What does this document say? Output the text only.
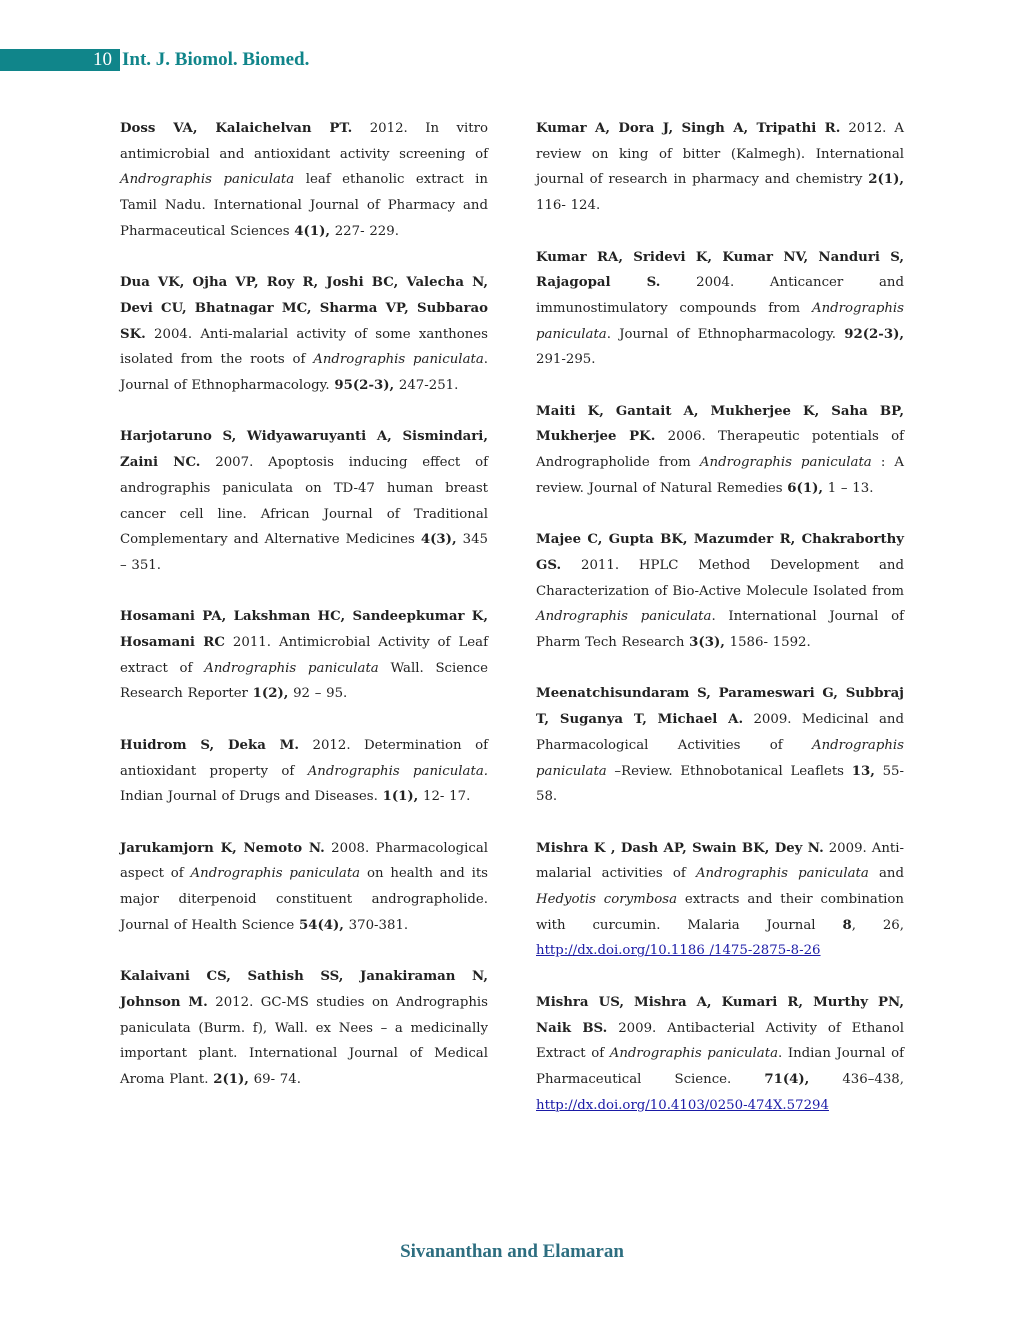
10 Int. J. Biomol. Biomed.

Doss VA, Kalaichelvan PT. 2012. In vitro antimicrobial and antioxidant activity screening of Andrographis paniculata leaf ethanolic extract in Tamil Nadu. International Journal of Pharmacy and Pharmaceutical Sciences 4(1), 227- 229.

Dua VK, Ojha VP, Roy R, Joshi BC, Valecha N, Devi CU, Bhatnagar MC, Sharma VP, Subbarao SK. 2004. Anti-malarial activity of some xanthones isolated from the roots of Andrographis paniculata. Journal of Ethnopharmacology. 95(2-3), 247-251.

Harjotaruno S, Widyawaruyanti A, Sismindari, Zaini NC. 2007. Apoptosis inducing effect of andrographis paniculata on TD-47 human breast cancer cell line. African Journal of Traditional Complementary and Alternative Medicines 4(3), 345 – 351.

Hosamani PA, Lakshman HC, Sandeepkumar K, Hosamani RC 2011. Antimicrobial Activity of Leaf extract of Andrographis paniculata Wall. Science Research Reporter 1(2), 92 – 95.

Huidrom S, Deka M. 2012. Determination of antioxidant property of Andrographis paniculata. Indian Journal of Drugs and Diseases. 1(1), 12- 17.

Jarukamjorn K, Nemoto N. 2008. Pharmacological aspect of Andrographis paniculata on health and its major diterpenoid constituent andrographolide. Journal of Health Science 54(4), 370-381.

Kalaivani CS, Sathish SS, Janakiraman N, Johnson M. 2012. GC-MS studies on Andrographis paniculata (Burm. f), Wall. ex Nees – a medicinally important plant. International Journal of Medical Aroma Plant. 2(1), 69- 74.

Kumar A, Dora J, Singh A, Tripathi R. 2012. A review on king of bitter (Kalmegh). International journal of research in pharmacy and chemistry 2(1), 116- 124.

Kumar RA, Sridevi K, Kumar NV, Nanduri S, Rajagopal S. 2004. Anticancer and immunostimulatory compounds from Andrographis paniculata. Journal of Ethnopharmacology. 92(2-3), 291-295.

Maiti K, Gantait A, Mukherjee K, Saha BP, Mukherjee PK. 2006. Therapeutic potentials of Andrographolide from Andrographis paniculata : A review. Journal of Natural Remedies 6(1), 1 – 13.

Majee C, Gupta BK, Mazumder R, Chakraborthy GS. 2011. HPLC Method Development and Characterization of Bio-Active Molecule Isolated from Andrographis paniculata. International Journal of Pharm Tech Research 3(3), 1586- 1592.

Meenatchisundaram S, Parameswari G, Subbraj T, Suganya T, Michael A. 2009. Medicinal and Pharmacological Activities of Andrographis paniculata –Review. Ethnobotanical Leaflets 13, 55- 58.

Mishra K , Dash AP, Swain BK, Dey N. 2009. Anti-malarial activities of Andrographis paniculata and Hedyotis corymbosa extracts and their combination with curcumin. Malaria Journal 8, 26, http://dx.doi.org/10.1186 /1475-2875-8-26

Mishra US, Mishra A, Kumari R, Murthy PN, Naik BS. 2009. Antibacterial Activity of Ethanol Extract of Andrographis paniculata. Indian Journal of Pharmaceutical Science. 71(4), 436–438, http://dx.doi.org/10.4103/0250-474X.57294

Sivananthan and Elamaran
